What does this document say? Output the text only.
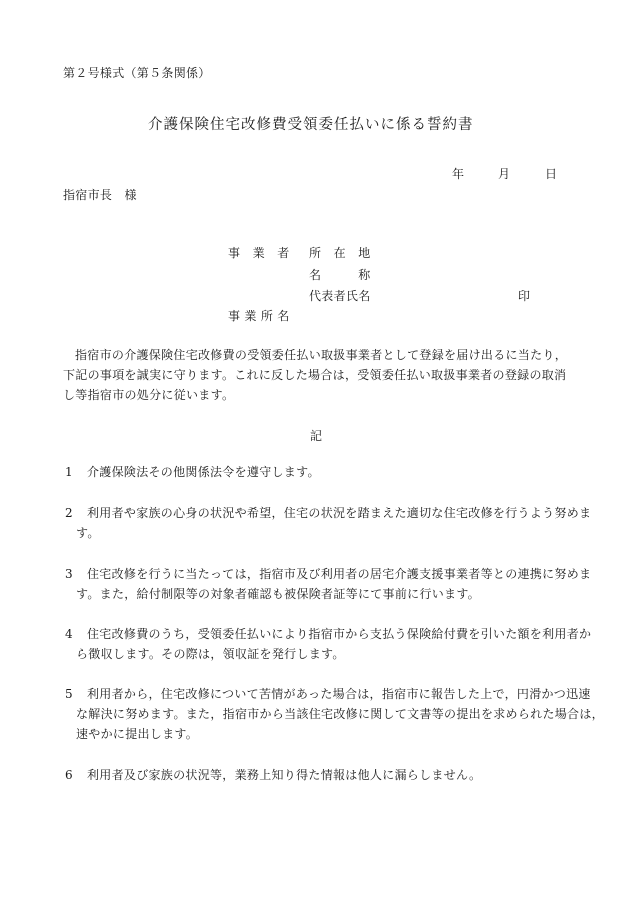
第２号様式（第５条関係）
介護保険住宅改修費受領委任払いに係る誓約書
年	月	日
指宿市長　様
事　業　者 所　在　地
名　　　称
代表者氏名	印
事 業 所 名
指宿市の介護保険住宅改修費の受領委任払い取扱事業者として登録を届け出るに当たり，下記の事項を誠実に守ります。これに反した場合は，受領委任払い取扱事業者の登録の取消し等指宿市の処分に従います。
記
1 介護保険法その他関係法令を遵守します。
2 利用者や家族の心身の状況や希望，住宅の状況を踏まえた適切な住宅改修を行うよう努めま
す。
3 住宅改修を行うに当たっては，指宿市及び利用者の居宅介護支援事業者等との連携に努めま
す。また，給付制限等の対象者確認も被保険者証等にて事前に行います。
4 住宅改修費のうち，受領委任払いにより指宿市から支払う保険給付費を引いた額を利用者か
ら徴収します。その際は，領収証を発行します。
5 利用者から，住宅改修について苦情があった場合は，指宿市に報告した上で，円滑かつ迅速
な解決に努めます。また，指宿市から当該住宅改修に関して文書等の提出を求められた場合は，
速やかに提出します。
6 利用者及び家族の状況等，業務上知り得た情報は他人に漏らしません。
